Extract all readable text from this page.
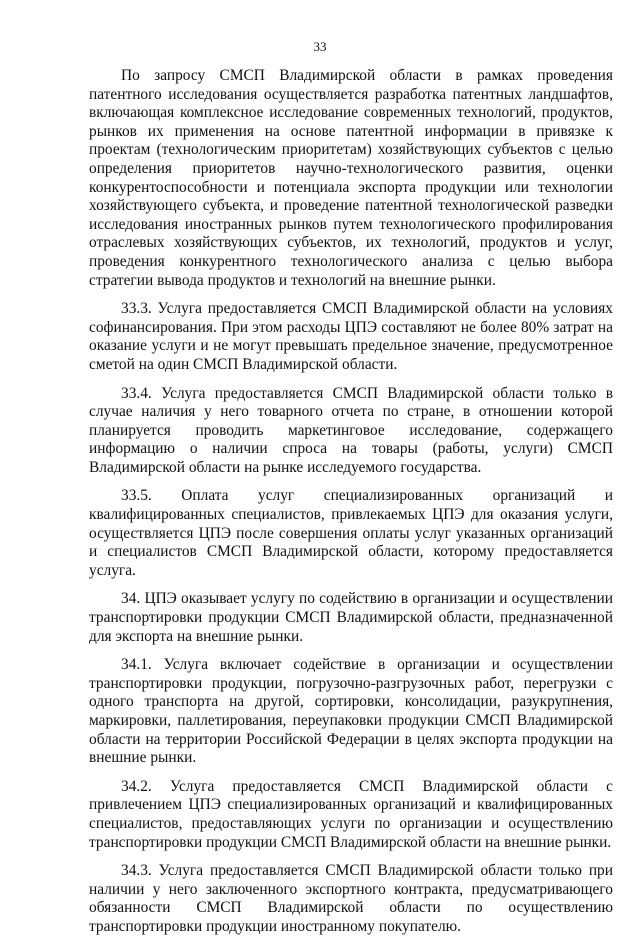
33

По запросу СМСП Владимирской области в рамках проведения патентного исследования осуществляется разработка патентных ландшафтов, включающая комплексное исследование современных технологий, продуктов, рынков их применения на основе патентной информации в привязке к проектам (технологическим приоритетам) хозяйствующих субъектов с целью определения приоритетов научно-технологического развития, оценки конкурентоспособности и потенциала экспорта продукции или технологии хозяйствующего субъекта, и проведение патентной технологической разведки исследования иностранных рынков путем технологического профилирования отраслевых хозяйствующих субъектов, их технологий, продуктов и услуг, проведения конкурентного технологического анализа с целью выбора стратегии вывода продуктов и технологий на внешние рынки.

33.3. Услуга предоставляется СМСП Владимирской области на условиях софинансирования. При этом расходы ЦПЭ составляют не более 80% затрат на оказание услуги и не могут превышать предельное значение, предусмотренное сметой на один СМСП Владимирской области.

33.4. Услуга предоставляется СМСП Владимирской области только в случае наличия у него товарного отчета по стране, в отношении которой планируется проводить маркетинговое исследование, содержащего информацию о наличии спроса на товары (работы, услуги) СМСП Владимирской области на рынке исследуемого государства.

33.5. Оплата услуг специализированных организаций и квалифицированных специалистов, привлекаемых ЦПЭ для оказания услуги, осуществляется ЦПЭ после совершения оплаты услуг указанных организаций и специалистов СМСП Владимирской области, которому предоставляется услуга.

34. ЦПЭ оказывает услугу по содействию в организации и осуществлении транспортировки продукции СМСП Владимирской области, предназначенной для экспорта на внешние рынки.

34.1. Услуга включает содействие в организации и осуществлении транспортировки продукции, погрузочно-разгрузочных работ, перегрузки с одного транспорта на другой, сортировки, консолидации, разукрупнения, маркировки, паллетирования, переупаковки продукции СМСП Владимирской области на территории Российской Федерации в целях экспорта продукции на внешние рынки.

34.2. Услуга предоставляется СМСП Владимирской области с привлечением ЦПЭ специализированных организаций и квалифицированных специалистов, предоставляющих услуги по организации и осуществлению транспортировки продукции СМСП Владимирской области на внешние рынки.

34.3. Услуга предоставляется СМСП Владимирской области только при наличии у него заключенного экспортного контракта, предусматривающего обязанности СМСП Владимирской области по осуществлению транспортировки продукции иностранному покупателю.
